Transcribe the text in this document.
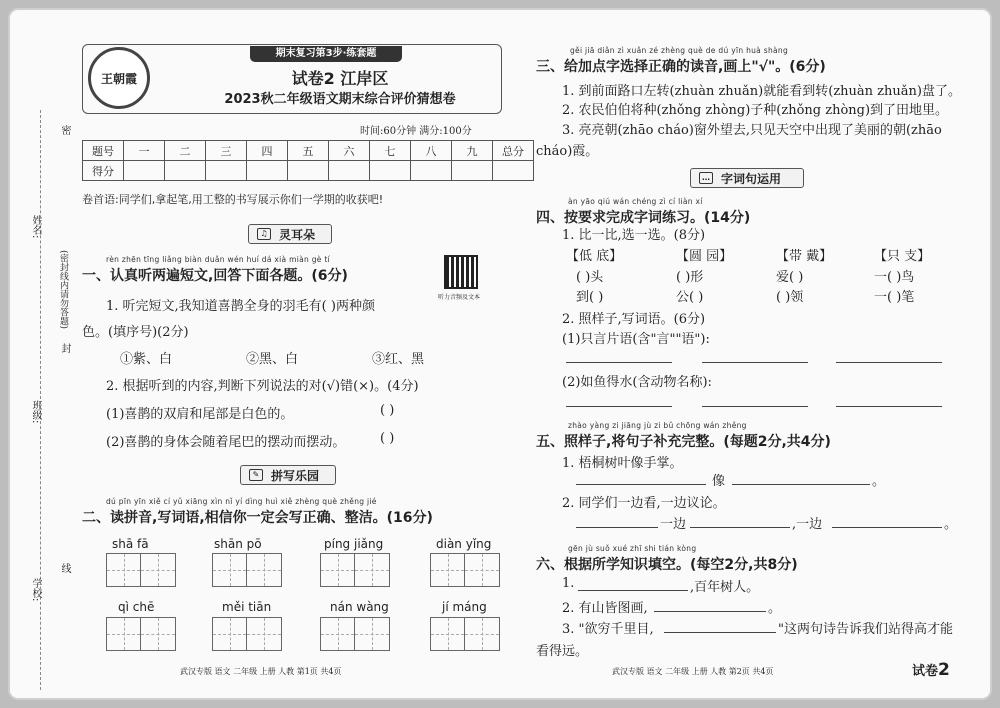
姓名:
班级:
学校:
(密封线内请勿答题)
密
封
线
期末复习第3步·练套题
王朝霞	试卷2 江岸区
2023秋二年级语文期末综合评价猜想卷
时间:60分钟 满分:100分
题号	一	二	三	四	五	六	七	八	九	总分
得分										
卷首语:同学们,拿起笔,用工整的书写展示你们一学期的收获吧!
♫ 灵耳朵
rèn zhēn tīng liǎng biàn duǎn wén huí dá xià miàn gè tí
一、认真听两遍短文,回答下面各题。(6分)
听力音频及文本
1. 听完短文,我知道喜鹊全身的羽毛有( )两种颜
色。(填序号)(2分)
①紫、白	②黑、白	③红、黑
2. 根据听到的内容,判断下列说法的对(√)错(×)。(4分)
(1)喜鹊的双肩和尾部是白色的。	( )
(2)喜鹊的身体会随着尾巴的摆动而摆动。	( )
✎ 拼写乐园
dú pīn yīn xiě cí yǔ xiāng xìn nǐ yí dìng huì xiě zhèng què zhěng jié
二、读拼音,写词语,相信你一定会写正确、整洁。(16分)
shā fā	shān pō	píng jiǎng	diàn yǐng
qì chē	měi tiān	nán wàng	jí máng
武汉专版 语文 二年级 上册 人教 第1页 共4页
gěi jiā diǎn zì xuǎn zé zhèng què de dú yīn huà shàng
三、给加点字选择正确的读音,画上"√"。(6分)
1. 到前面路口左转(zhuàn zhuǎn)就能看到转(zhuàn zhuǎn)盘了。
2. 农民伯伯将种(zhǒng zhòng)子种(zhǒng zhòng)到了田地里。
3. 亮亮朝(zhāo cháo)窗外望去,只见天空中出现了美丽的朝(zhāo
cháo)霞。
… 字词句运用
àn yāo qiú wán chéng zì cí liàn xí
四、按要求完成字词练习。(14分)
1. 比一比,选一选。(8分)
【低 底】	【圆 园】	【带 戴】	【只 支】
( )头	( )形	爱( )	一( )鸟
到( )	公( )	( )领	一( )笔
2. 照样子,写词语。(6分)
(1)只言片语(含"言""语"):
(2)如鱼得水(含动物名称):
zhào yàng zi jiāng jù zi bǔ chōng wán zhěng
五、照样子,将句子补充完整。(每题2分,共4分)
1. 梧桐树叶像手掌。
像	。
2. 同学们一边看,一边议论。
一边	,一边	。
gēn jù suǒ xué zhī shi tián kòng
六、根据所学知识填空。(每空2分,共8分)
1.	,百年树人。
2. 有山皆图画,	。
3. "欲穷千里目,	"这两句诗告诉我们站得高才能
看得远。
武汉专版 语文 二年级 上册 人教 第2页 共4页	试卷2
